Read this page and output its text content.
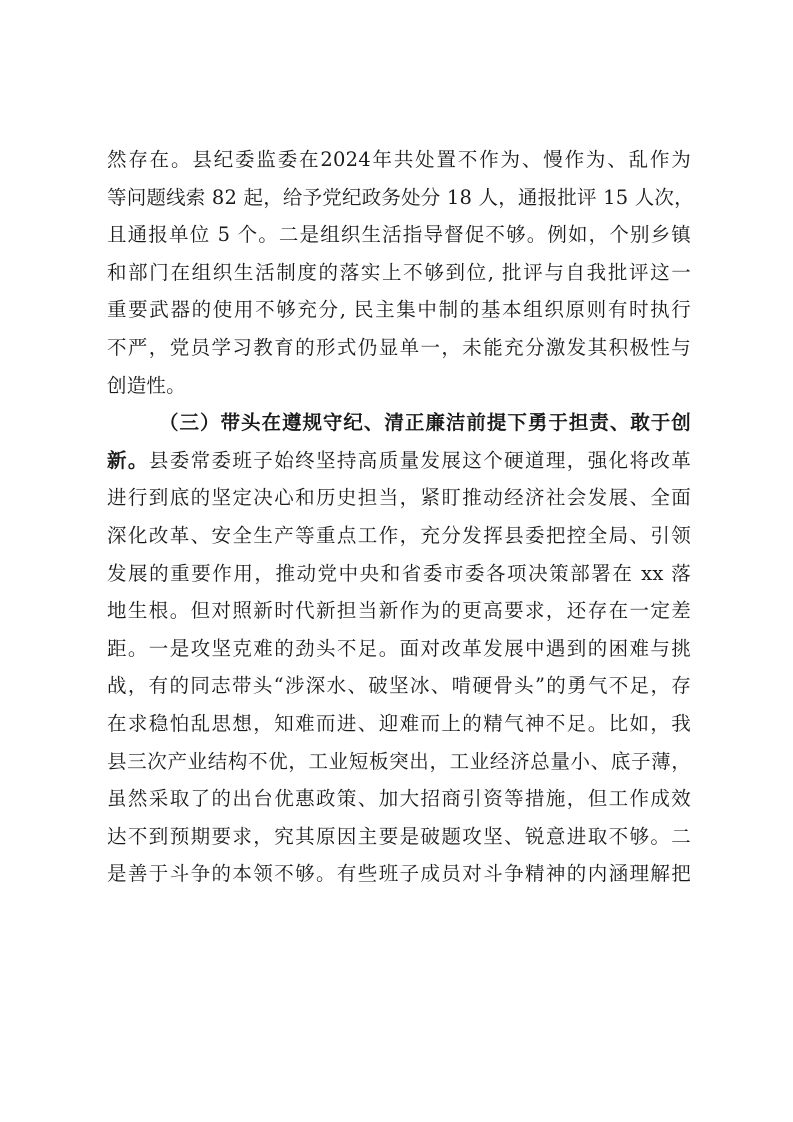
然存在。县纪委监委在2024年共处置不作为、慢作为、乱作为
等问题线索 82 起，给予党纪政务处分 18 人，通报批评 15 人次，
且通报单位 5 个。二是组织生活指导督促不够。例如，个别乡镇
和部门在组织生活制度的落实上不够到位, 批评与自我批评这一
重要武器的使用不够充分, 民主集中制的基本组织原则有时执行
不严，党员学习教育的形式仍显单一，未能充分激发其积极性与
创造性。
（三）带头在遵规守纪、清正廉洁前提下勇于担责、敢于创
新。县委常委班子始终坚持高质量发展这个硬道理，强化将改革
进行到底的坚定决心和历史担当，紧盯推动经济社会发展、全面
深化改革、安全生产等重点工作，充分发挥县委把控全局、引领
发展的重要作用，推动党中央和省委市委各项决策部署在 xx 落
地生根。但对照新时代新担当新作为的更高要求，还存在一定差
距。一是攻坚克难的劲头不足。面对改革发展中遇到的困难与挑
战，有的同志带头“涉深水、破坚冰、啃硬骨头”的勇气不足，存
在求稳怕乱思想，知难而进、迎难而上的精气神不足。比如，我
县三次产业结构不优，工业短板突出，工业经济总量小、底子薄，
虽然采取了的出台优惠政策、加大招商引资等措施，但工作成效
达不到预期要求，究其原因主要是破题攻坚、锐意进取不够。二
是善于斗争的本领不够。有些班子成员对斗争精神的内涵理解把
